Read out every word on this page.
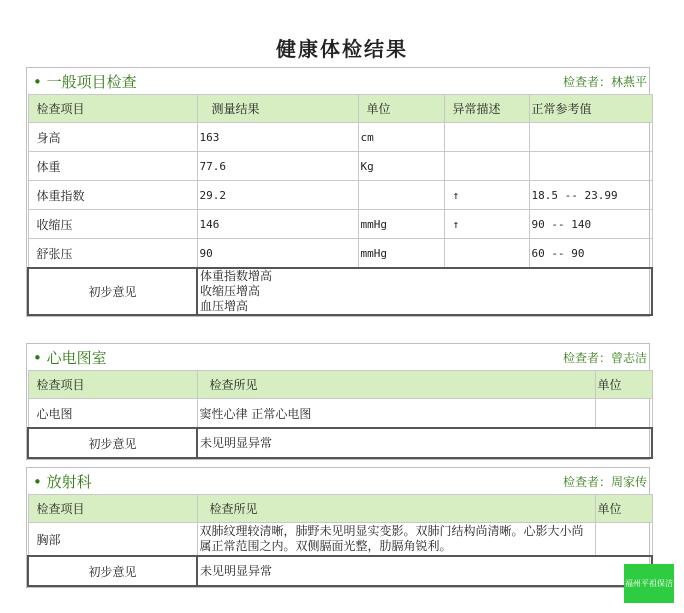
健康体检结果
• 一般项目检查	检查者：林燕平
检查项目	测量结果	单位	异常描述	正常参考值
身高	163	cm		
体重	77.6	Kg		
体重指数	29.2		↑	18.5 -- 23.99
收缩压	146	mmHg	↑	90 -- 140
舒张压	90	mmHg		60 -- 90
初步意见	体重指数增高
收缩压增高
血压增高			
• 心电图室	检查者：曾志洁
检查项目	检查所见	单位
心电图	窦性心律 正常心电图	
初步意见	未见明显异常	
• 放射科	检查者：周家传
检查项目	检查所见	单位
胸部	双肺纹理较清晰，肺野未见明显实变影。双肺门结构尚清晰。心影大小尚属正常范围之内。双侧膈面光整，肋膈角锐利。	
初步意见	未见明显异常	
福州平祖保洁
